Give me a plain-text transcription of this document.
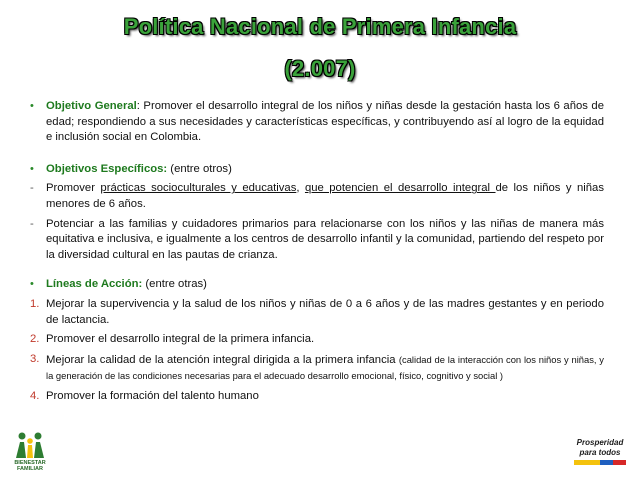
Política Nacional de Primera Infancia
(2.007)
•	Objetivo General: Promover el desarrollo integral de los niños y niñas desde la gestación hasta los 6 años de edad; respondiendo a sus necesidades y características específicas, y contribuyendo así al logro de la equidad e inclusión social en Colombia.
•	Objetivos Específicos: (entre otros)
-	Promover prácticas socioculturales y educativas, que potencien el desarrollo integral de los niños y niñas menores de 6 años.
-	Potenciar a las familias y cuidadores primarios para relacionarse con los niños y las niñas de manera más equitativa e inclusiva, e igualmente a los centros de desarrollo infantil y la comunidad, partiendo del respeto por la diversidad cultural en las pautas de crianza.
•	Líneas de Acción: (entre otras)
1. Mejorar la supervivencia y la salud de los niños y niñas de 0 a 6 años y de las madres gestantes y en periodo de lactancia.
2. Promover el desarrollo integral de la primera infancia.
3. Mejorar la calidad de la atención integral dirigida a la primera infancia (calidad de la interacción con los niños y niñas, y la generación de las condiciones necesarias para el adecuado desarrollo emocional, físico, cognitivo y social )
4. Promover la formación del talento humano
BIENESTAR
FAMILIAR
Prosperidad
para todos
